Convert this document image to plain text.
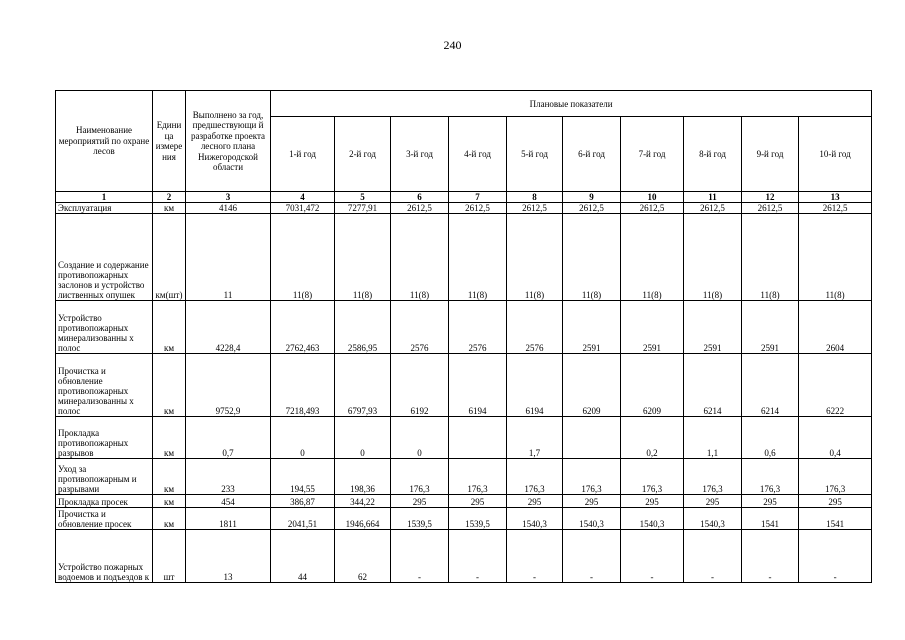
240
Наименование мероприятий по охране лесов	Едини ца измере ния	Выполнено за год, предшествующи й разработке проекта лесного плана Нижегородской области	Плановые показатели									
			1-й год	2-й год	3-й год	4-й год	5-й год	6-й год	7-й год	8-й год	9-й год	10-й год
1	2	3	4	5	6	7	8	9	10	11	12	13
Эксплуатация	км	4146	7031,472	7277,91	2612,5	2612,5	2612,5	2612,5	2612,5	2612,5	2612,5	2612,5
Создание и содержание противопожарных заслонов и устройство лиственных опушек	км(шт)	11	11(8)	11(8)	11(8)	11(8)	11(8)	11(8)	11(8)	11(8)	11(8)	11(8)
Устройство противопожарных минерализованны х полос	км	4228,4	2762,463	2586,95	2576	2576	2576	2591	2591	2591	2591	2604
Прочистка и обновление противопожарных минерализованны х полос	км	9752,9	7218,493	6797,93	6192	6194	6194	6209	6209	6214	6214	6222
Прокладка противопожарных разрывов	км	0,7	0	0	0		1,7		0,2	1,1	0,6	0,4
Уход за противопожарным и разрывами	км	233	194,55	198,36	176,3	176,3	176,3	176,3	176,3	176,3	176,3	176,3
Прокладка просек	км	454	386,87	344,22	295	295	295	295	295	295	295	295
Прочистка и обновление просек	км	1811	2041,51	1946,664	1539,5	1539,5	1540,3	1540,3	1540,3	1540,3	1541	1541
Устройство пожарных водоемов и подъездов к	шт	13	44	62	-	-	-	-	-	-	-	-
